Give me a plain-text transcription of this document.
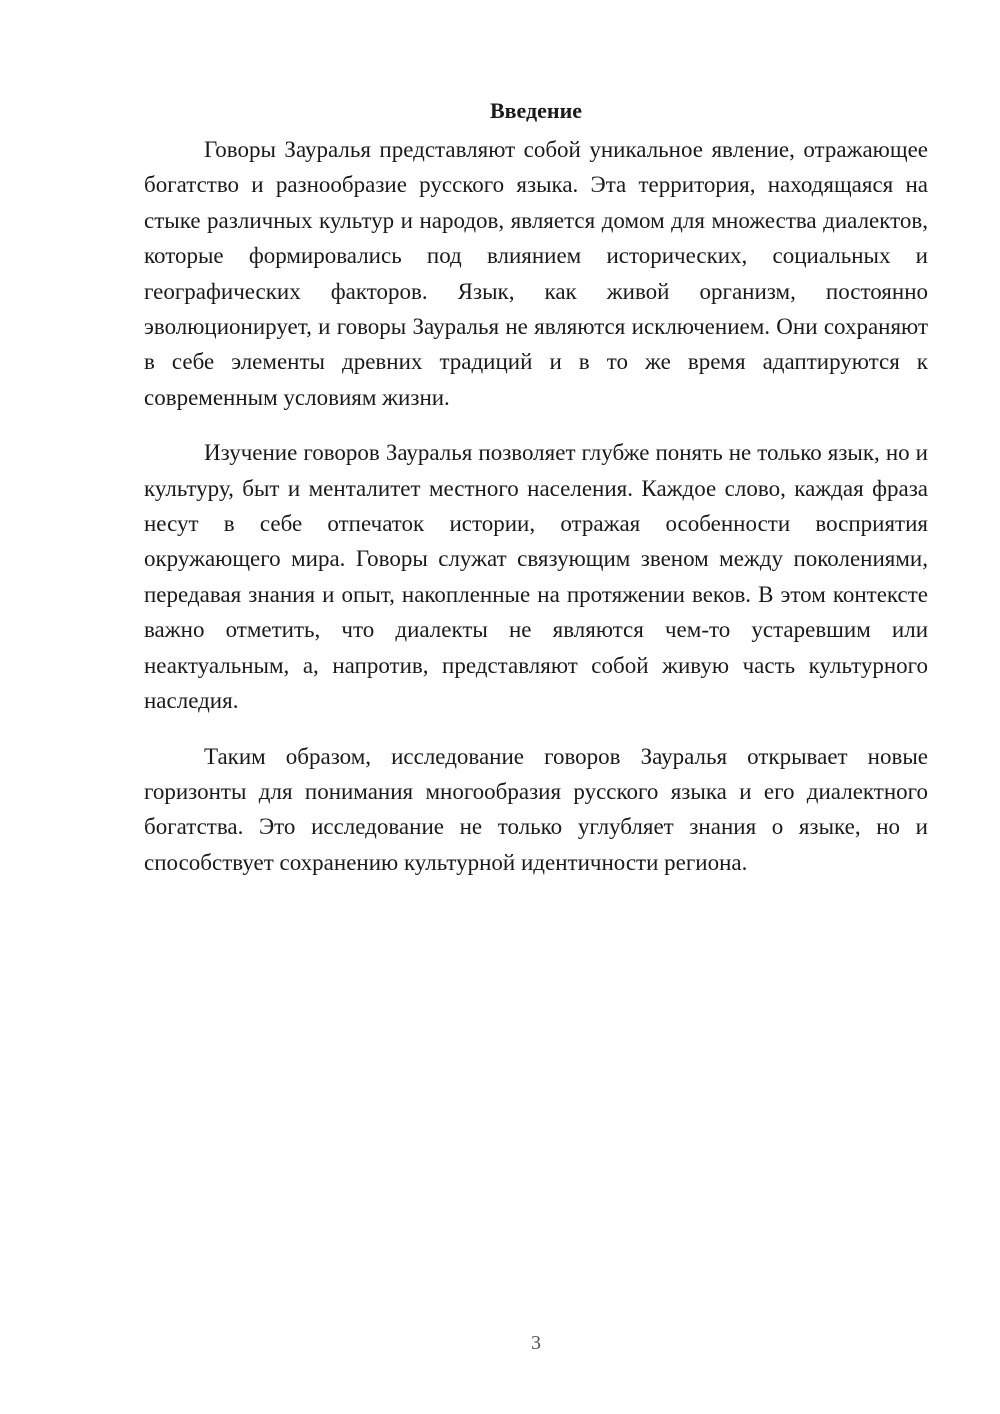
Введение

Говоры Зауралья представляют собой уникальное явление, отражающее богатство и разнообразие русского языка. Эта территория, находящаяся на стыке различных культур и народов, является домом для множества диалектов, которые формировались под влиянием исторических, социальных и географических факторов. Язык, как живой организм, постоянно эволюционирует, и говоры Зауралья не являются исключением. Они сохраняют в себе элементы древних традиций и в то же время адаптируются к современным условиям жизни.

Изучение говоров Зауралья позволяет глубже понять не только язык, но и культуру, быт и менталитет местного населения. Каждое слово, каждая фраза несут в себе отпечаток истории, отражая особенности восприятия окружающего мира. Говоры служат связующим звеном между поколениями, передавая знания и опыт, накопленные на протяжении веков. В этом контексте важно отметить, что диалекты не являются чем-то устаревшим или неактуальным, а, напротив, представляют собой живую часть культурного наследия.

Таким образом, исследование говоров Зауралья открывает новые горизонты для понимания многообразия русского языка и его диалектного богатства. Это исследование не только углубляет знания о языке, но и способствует сохранению культурной идентичности региона.

3
